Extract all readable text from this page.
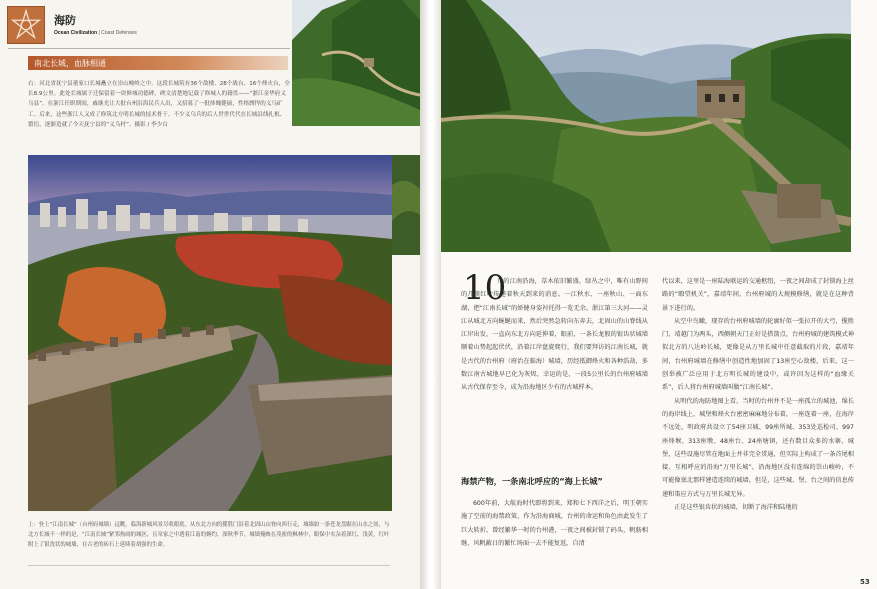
海防
Ocean Civilization | Coast Defenses
南北长城，血脉相通
右：河北省抚宁县董家口长城矗立在崇山峻岭之中。这段长城筑有36个敌楼、28个战台、16个烽火台，全长8.9公里。此处长城属于迁保留着一块修城功德碑，碑文清楚地记载了修城人的籍贯——“浙江金华府义乌县”。在浙江任职期间，戚继光让大批台州沿海民兵人出，又招募了一批体魄健硕，性格剽悍的义乌矿工。后来，这些浙江人又成了修筑北方明长城的技术骨干。不少义乌兵的后人世世代代在长城沿线扎根、繁衍，逐渐造就了今天抚宁县的“义乌村”。摄影 / 李少白
上：登上“江南长城”（台州府城墙）远眺，临海新城风景尽收眼底。从东北方向的揽胜门沿着北固山山脊向西行走，城墙如一条苍龙盘踞在山水之间，与北方长城不一样的是，“江南长城”紧邻热闹的城区，且章家之中透着江南的婉约，深秋季节，城墙掩映在茂密的枫林中，眼保中夹杂着深红、浅黄，红叶附上了银洗状的城墙，在古老的砖石上延续着胡强的生命。
10

月的江南沿海，草木依旧繁盛，绿丛之中，唯有山野间的几簇红叶传递着秋天到来的消息。一江秋水、一座秋山、一面东湖，把“江南长城”的娇健身姿衬托得一览无余。浙江第三大河——灵江从城北方向蜿蜒而来，然后突然急转向东奔去，北固山的山脊线从江岸出发，一直向东北方向延伸着，眼前，一条长龙般的银齿状城墙顺着山势起起伏伏，沿着江岸盘旋爬行，我们要拜访的江南长城，就是古代的台州府（府治在临海）城墙，历经抵御烽火和各种浩劫，多数江南古城地早已化为灰烬，幸运的是，一段5公里长的台州府城墙从古代保存至今，成为沿海地区少有的古城样本。

海禁产物，一条南北呼应的“海上长城”

600年前，大航海时代即将到来，郑和七下西洋之后，明王朝实施了空前的海禁政策，作为沿海商城，台州的命运和角色由此发生了巨大转折，曾经繁华一时的台州港，一夜之间被封锁了码头，帆舫相继、风帆蔽日的繁忙场面一去不能复返，自清

代以来，这里是一座陆海联运的交通枢纽，一夜之间却成了封锁海上丝路的“瞭望机关”，嘉靖年间，台州府城的大规模修缮，就是在这种背景下进行的。

从空中鸟瞰，现存的台州府城墙的轮廓好似一张拉开的大弓，揽胜门、靖越门为两头，西侧朝天门正好是搭箭点，台州府城的建筑模式神似北方的八达岭长城，更像是从万里长城中任意截取的片段，嘉靖年间，台州府城墙在修缮中创造性地加固了13座空心敌楼，后来，这一创举被广泛应用于北方明长城的建设中，或许因为这样的“血缘关系”，后人将台州府城墙叫做“江南长城”。

从明代的海防地图上看，当时的台州并不是一座孤立的城池，绵长的海岸线上，城堡和烽火台密密麻麻地分布着，一座连着一座，在海岸不远处，明政府共设立了54座卫城、99座所城、353处巡检司、997座烽堠、313座墩、48座台、24座塘镇，还有数目众多的水寨、城堡，这些设施尽管在地面上并非完全贯通，但实际上构成了一条首尾相接、互相呼应的沿海“万里长城”，沿海地区没有连绵的崇山峻岭，不可能像塞北那样建造连续的城墙，但是，这些城、堡、台之间的信息传递和策应方式与万里长城无异。

正是这些银齿状的城墙，切断了海洋和陆地的

53
